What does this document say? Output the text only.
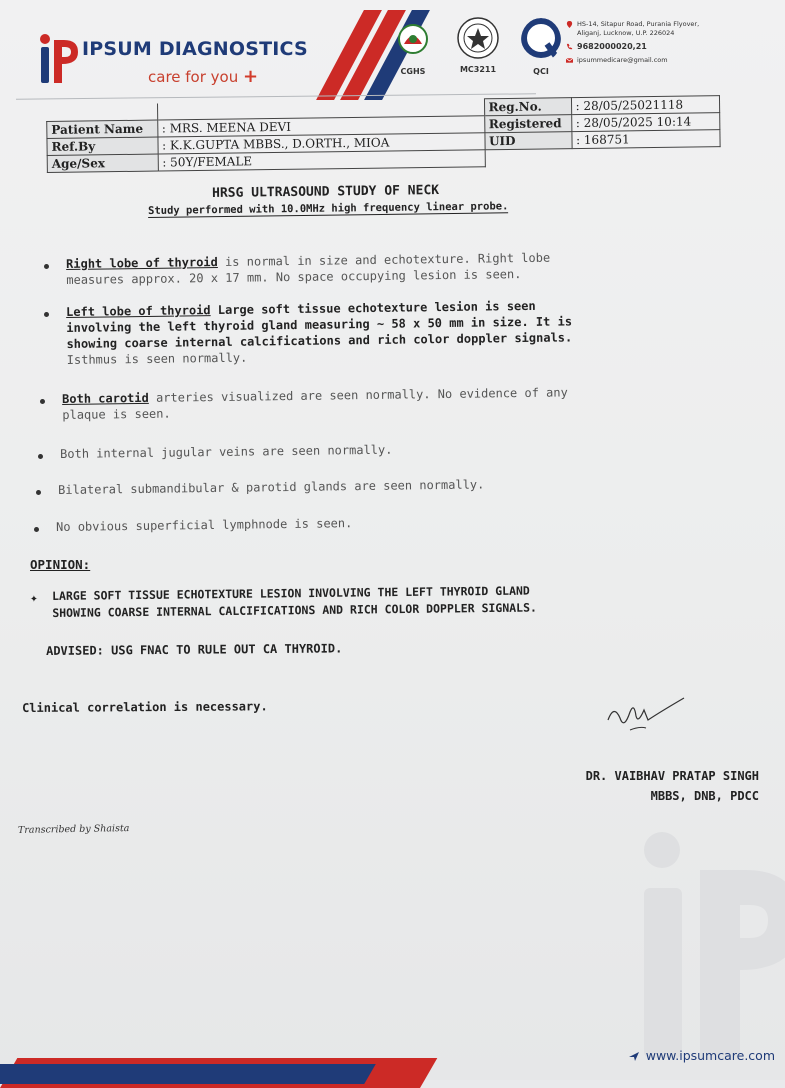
IPSUM DIAGNOSTICS
care for you +	CGHS	MC3211	QCI
HS-14, Sitapur Road, Purania Flyover, Aliganj, Lucknow, U.P. 226024
9682000020,21
ipsummedicare@gmail.com
		Reg.No.	: 28/05/25021118
Patient Name	: MRS. MEENA DEVI	Registered	: 28/05/2025 10:14
Ref.By	: K.K.GUPTA MBBS., D.ORTH., MIOA	UID	: 168751
Age/Sex	: 50Y/FEMALE		
HRSG ULTRASOUND STUDY OF NECK
Study performed with 10.0MHz high frequency linear probe.
Right lobe of thyroid is normal in size and echotexture. Right lobe
measures approx. 20 x 17 mm. No space occupying lesion is seen.
Left lobe of thyroid Large soft tissue echotexture lesion is seen
involving the left thyroid gland measuring ~ 58 x 50 mm in size. It is
showing coarse internal calcifications and rich color doppler signals.
Isthmus is seen normally.
Both carotid arteries visualized are seen normally. No evidence of any
plaque is seen.
Both internal jugular veins are seen normally.
Bilateral submandibular & parotid glands are seen normally.
No obvious superficial lymphnode is seen.
OPINION:
✦ LARGE SOFT TISSUE ECHOTEXTURE LESION INVOLVING THE LEFT THYROID GLAND
SHOWING COARSE INTERNAL CALCIFICATIONS AND RICH COLOR DOPPLER SIGNALS.
ADVISED: USG FNAC TO RULE OUT CA THYROID.
Clinical correlation is necessary.
DR. VAIBHAV PRATAP SINGH
MBBS, DNB, PDCC
Transcribed by Shaista
www.ipsumcare.com
